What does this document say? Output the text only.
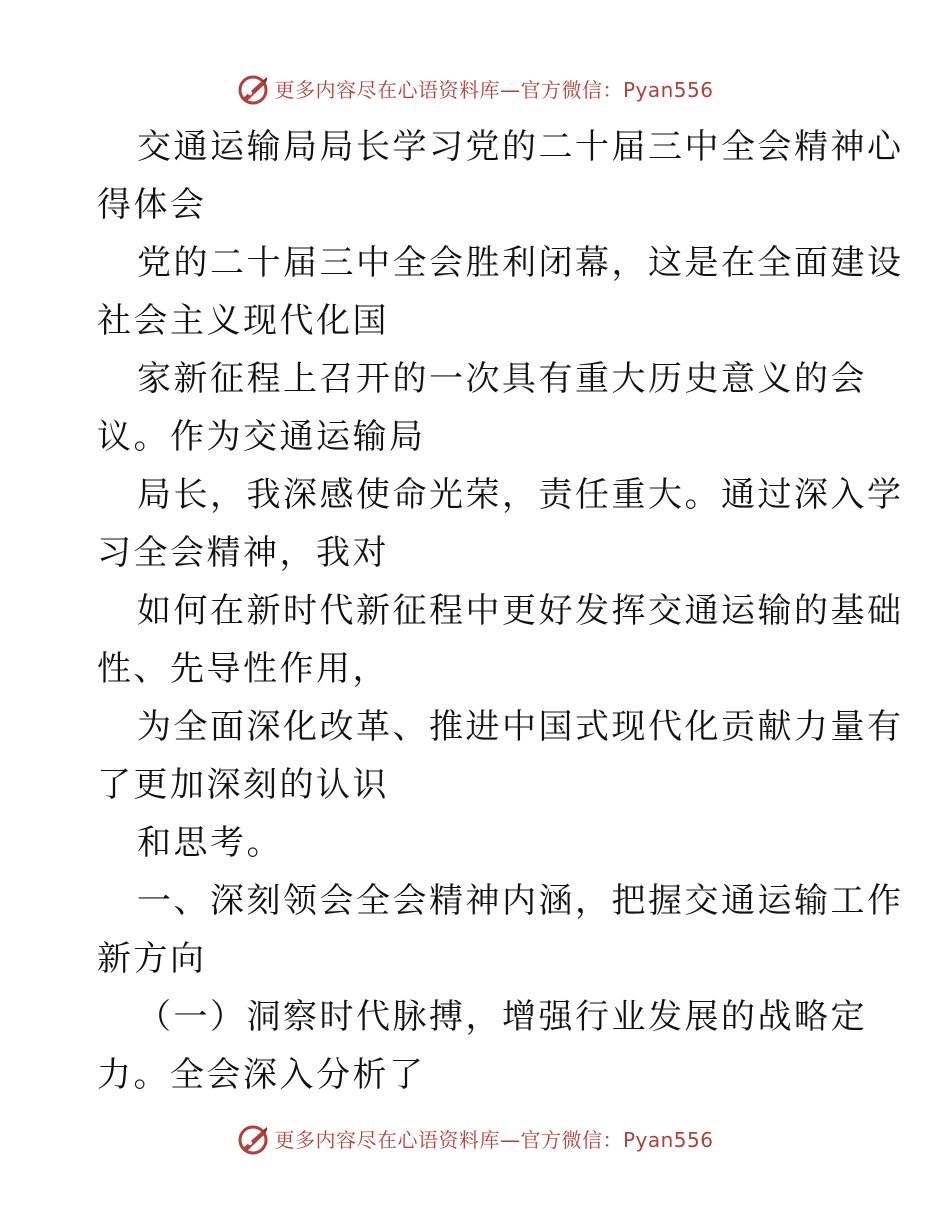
更多内容尽在心语资料库—官方微信：Pyan556

交通运输局局长学习党的二十届三中全会精神心

得体会

党的二十届三中全会胜利闭幕，这是在全面建设

社会主义现代化国

家新征程上召开的一次具有重大历史意义的会

议。作为交通运输局

局长，我深感使命光荣，责任重大。通过深入学

习全会精神，我对

如何在新时代新征程中更好发挥交通运输的基础

性、先导性作用，

为全面深化改革、推进中国式现代化贡献力量有

了更加深刻的认识

和思考。

一、深刻领会全会精神内涵，把握交通运输工作

新方向

（一）洞察时代脉搏，增强行业发展的战略定

力。全会深入分析了

更多内容尽在心语资料库—官方微信：Pyan556
